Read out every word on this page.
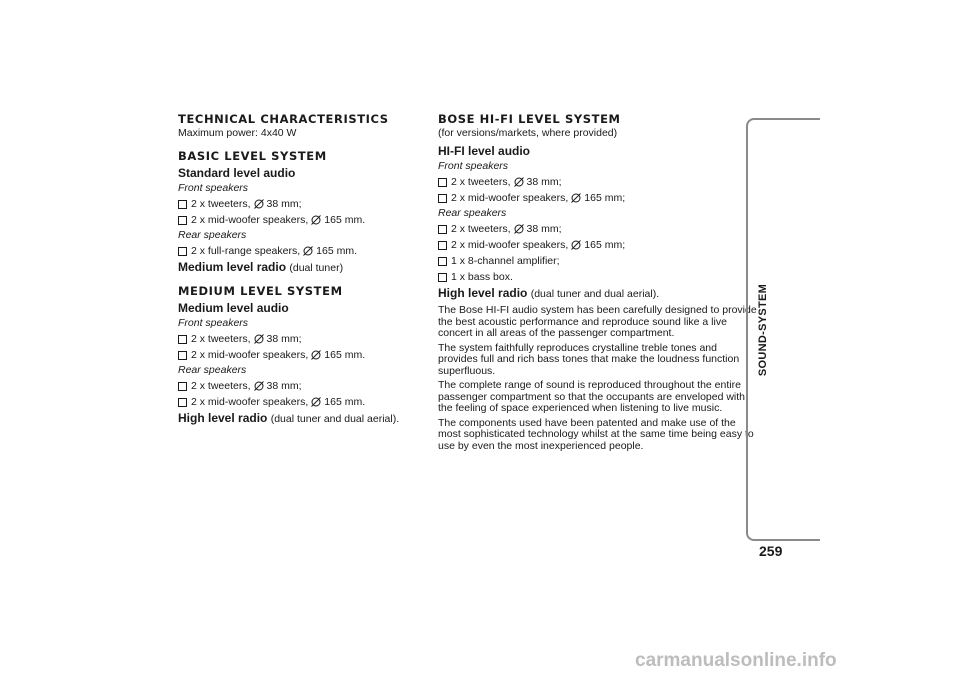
TECHNICAL CHARACTERISTICS
Maximum power: 4x40 W
BASIC LEVEL SYSTEM
Standard level audio
Front speakers
2 x tweeters, 38 mm;
2 x mid-woofer speakers, 165 mm.
Rear speakers
2 x full-range speakers, 165 mm.
Medium level radio (dual tuner)
MEDIUM LEVEL SYSTEM
Medium level audio
Front speakers
2 x tweeters, 38 mm;
2 x mid-woofer speakers, 165 mm.
Rear speakers
2 x tweeters, 38 mm;
2 x mid-woofer speakers, 165 mm.
High level radio (dual tuner and dual aerial).
BOSE HI-FI LEVEL SYSTEM
(for versions/markets, where provided)
HI-FI level audio
Front speakers
2 x tweeters, 38 mm;
2 x mid-woofer speakers, 165 mm;
Rear speakers
2 x tweeters, 38 mm;
2 x mid-woofer speakers, 165 mm;
1 x 8-channel amplifier;
1 x bass box.
High level radio (dual tuner and dual aerial).
The Bose HI-FI audio system has been carefully designed to provide
the best acoustic performance and reproduce sound like a live
concert in all areas of the passenger compartment.
The system faithfully reproduces crystalline treble tones and
provides full and rich bass tones that make the loudness function
superfluous.
The complete range of sound is reproduced throughout the entire
passenger compartment so that the occupants are enveloped with
the feeling of space experienced when listening to live music.
The components used have been patented and make use of the
most sophisticated technology whilst at the same time being easy to
use by even the most inexperienced people.
SOUND-SYSTEM
259
carmanualsonline.info
